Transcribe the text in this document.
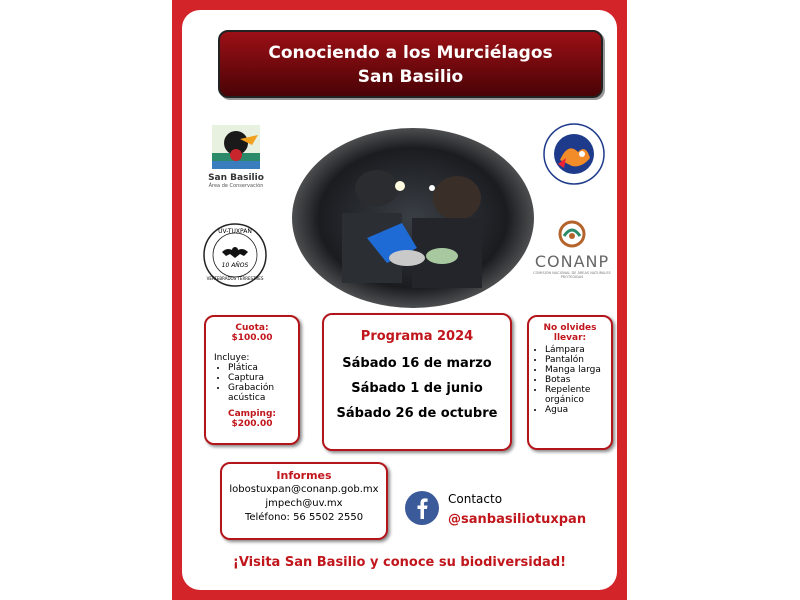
Conociendo a los Murciélagos
San Basilio
San Basilio
Área de Conservación
UV-TUXPAN
10 AÑOS
VERTEBRADOS TERRESTRES
CONANP
COMISIÓN NACIONAL DE ÁREAS NATURALES PROTEGIDAS
Cuota: $100.00
Incluye:
• Plática
• Captura
• Grabación acústica
Camping: $200.00
Programa 2024
Sábado 16 de marzo
Sábado 1 de junio
Sábado 26 de octubre
No olvides llevar:
• Lámpara
• Pantalón
• Manga larga
• Botas
• Repelente orgánico
• Agua
Informes
lobostuxpan@conanp.gob.mx
jmpech@uv.mx
Teléfono: 56 5502 2550
Contacto
@sanbasiliotuxpan
¡Visita San Basilio y conoce su biodiversidad!
